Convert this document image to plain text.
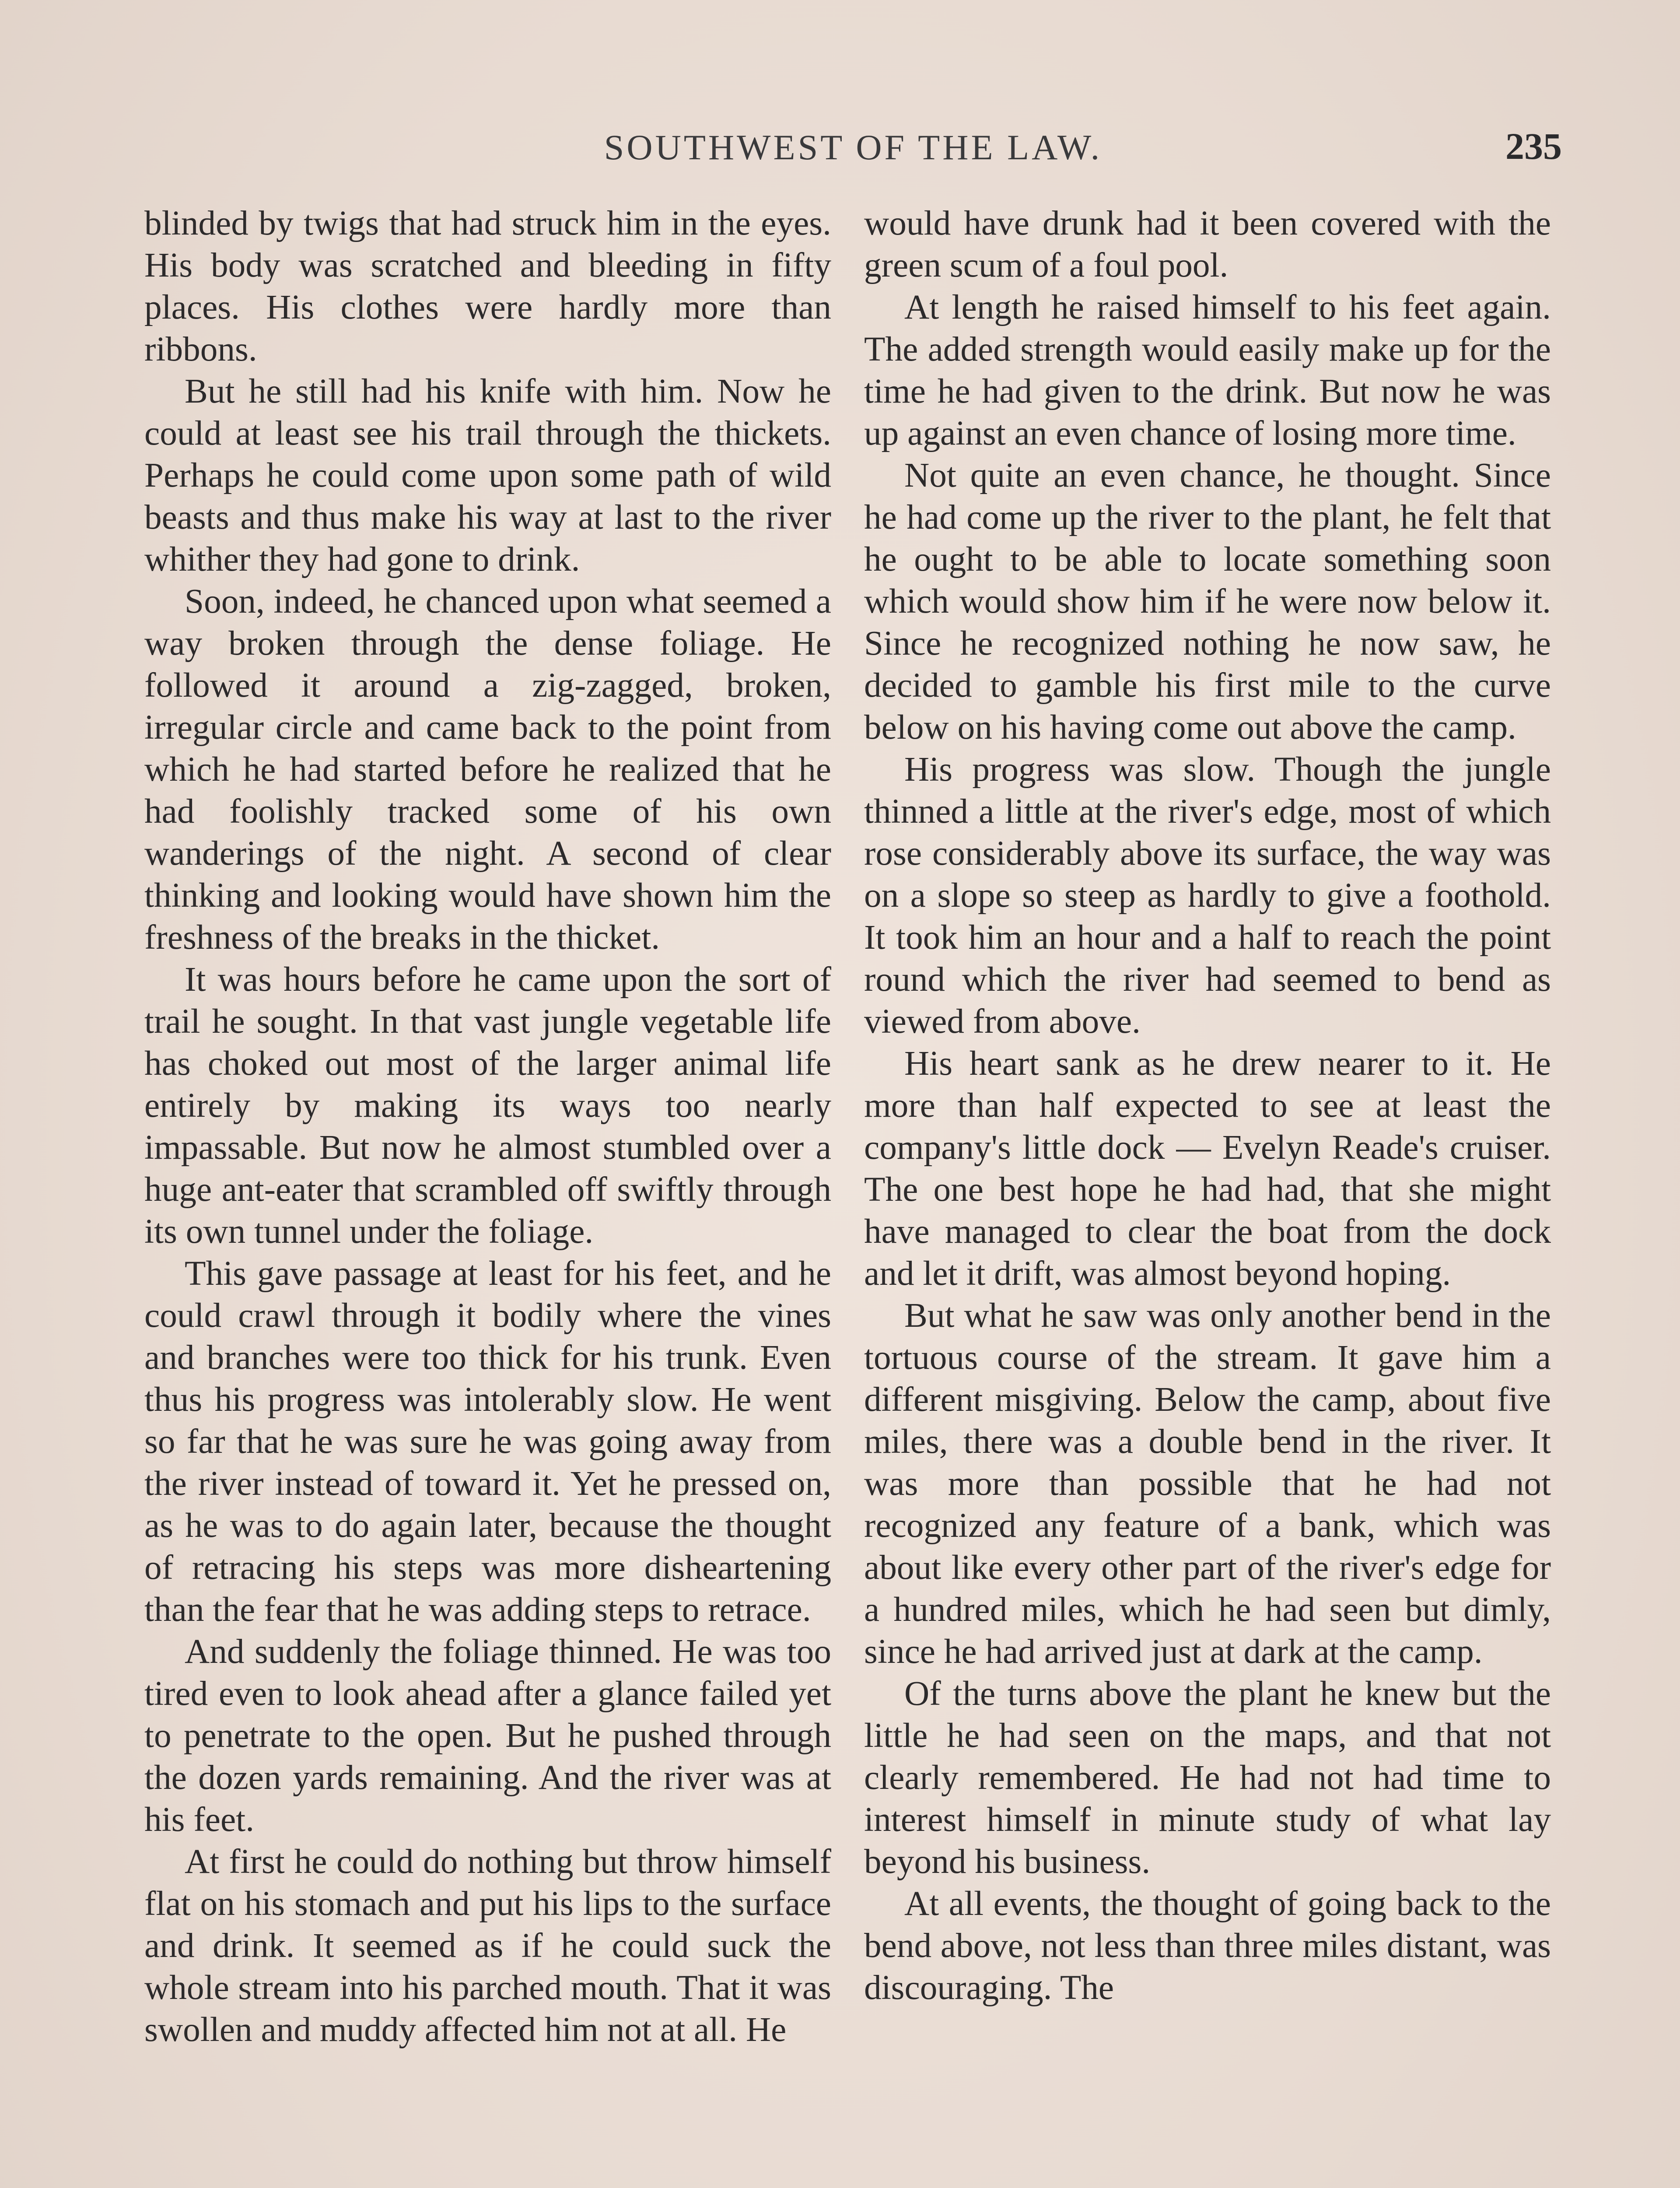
SOUTHWEST OF THE LAW.	235

blinded by twigs that had struck him in the eyes. His body was scratched and bleeding in fifty places. His clothes were hardly more than ribbons.

But he still had his knife with him. Now he could at least see his trail through the thickets. Perhaps he could come upon some path of wild beasts and thus make his way at last to the river whither they had gone to drink.

Soon, indeed, he chanced upon what seemed a way broken through the dense foliage. He followed it around a zig-zagged, broken, irregular circle and came back to the point from which he had started before he realized that he had foolishly tracked some of his own wanderings of the night. A second of clear thinking and looking would have shown him the freshness of the breaks in the thicket.

It was hours before he came upon the sort of trail he sought. In that vast jungle vegetable life has choked out most of the larger animal life entirely by making its ways too nearly impassable. But now he almost stumbled over a huge ant-eater that scrambled off swiftly through its own tunnel under the foliage.

This gave passage at least for his feet, and he could crawl through it bodily where the vines and branches were too thick for his trunk. Even thus his progress was intolerably slow. He went so far that he was sure he was going away from the river instead of toward it. Yet he pressed on, as he was to do again later, because the thought of retracing his steps was more disheartening than the fear that he was adding steps to retrace.

And suddenly the foliage thinned. He was too tired even to look ahead after a glance failed yet to penetrate to the open. But he pushed through the dozen yards remaining. And the river was at his feet.

At first he could do nothing but throw himself flat on his stomach and put his lips to the surface and drink. It seemed as if he could suck the whole stream into his parched mouth. That it was swollen and muddy affected him not at all. He

would have drunk had it been covered with the green scum of a foul pool.

At length he raised himself to his feet again. The added strength would easily make up for the time he had given to the drink. But now he was up against an even chance of losing more time.

Not quite an even chance, he thought. Since he had come up the river to the plant, he felt that he ought to be able to locate something soon which would show him if he were now below it. Since he recognized nothing he now saw, he decided to gamble his first mile to the curve below on his having come out above the camp.

His progress was slow. Though the jungle thinned a little at the river's edge, most of which rose considerably above its surface, the way was on a slope so steep as hardly to give a foothold. It took him an hour and a half to reach the point round which the river had seemed to bend as viewed from above.

His heart sank as he drew nearer to it. He more than half expected to see at least the company's little dock — Evelyn Reade's cruiser. The one best hope he had had, that she might have managed to clear the boat from the dock and let it drift, was almost beyond hoping.

But what he saw was only another bend in the tortuous course of the stream. It gave him a different misgiving. Below the camp, about five miles, there was a double bend in the river. It was more than possible that he had not recognized any feature of a bank, which was about like every other part of the river's edge for a hundred miles, which he had seen but dimly, since he had arrived just at dark at the camp.

Of the turns above the plant he knew but the little he had seen on the maps, and that not clearly remembered. He had not had time to interest himself in minute study of what lay beyond his business.

At all events, the thought of going back to the bend above, not less than three miles distant, was discouraging. The
